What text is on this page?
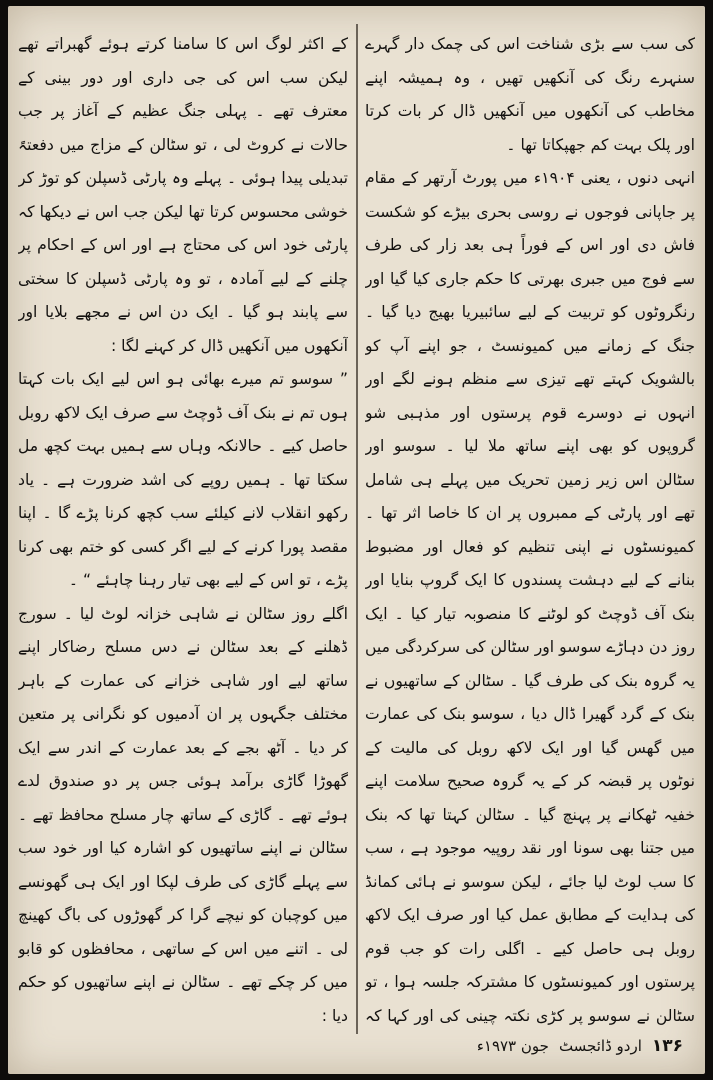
کی سب سے بڑی شناخت اس کی چمک دار گہرے سنہرے رنگ کی آنکھیں تھیں ، وہ ہمیشہ اپنے مخاطب کی آنکھوں میں آنکھیں ڈال کر بات کرتا اور پلک بہت کم جھپکاتا تھا ۔

انہی دنوں ، یعنی ۱۹۰۴ء میں پورٹ آرتھر کے مقام پر جاپانی فوجوں نے روسی بحری بیڑے کو شکست فاش دی اور اس کے فوراً ہی بعد زار کی طرف سے فوج میں جبری بھرتی کا حکم جاری کیا گیا اور رنگروٹوں کو تربیت کے لیے سائبیریا بھیج دیا گیا ۔ جنگ کے زمانے میں کمیونسٹ ، جو اپنے آپ کو بالشویک کہتے تھے تیزی سے منظم ہونے لگے اور انہوں نے دوسرے قوم پرستوں اور مذہبی شو گروپوں کو بھی اپنے ساتھ ملا لیا ۔ سوسو اور سٹالن اس زیر زمین تحریک میں پہلے ہی شامل تھے اور پارٹی کے ممبروں پر ان کا خاصا اثر تھا ۔ کمیونسٹوں نے اپنی تنظیم کو فعال اور مضبوط بنانے کے لیے دہشت پسندوں کا ایک گروپ بنایا اور بنک آف ڈوچٹ کو لوٹنے کا منصوبہ تیار کیا ۔ ایک روز دن دہاڑے سوسو اور سٹالن کی سرکردگی میں یہ گروہ بنک کی طرف گیا ۔ سٹالن کے ساتھیوں نے بنک کے گرد گھیرا ڈال دیا ، سوسو بنک کی عمارت میں گھس گیا اور ایک لاکھ روبل کی مالیت کے نوٹوں پر قبضہ کر کے یہ گروہ صحیح سلامت اپنے خفیہ ٹھکانے پر پہنچ گیا ۔ سٹالن کہتا تھا کہ بنک میں جتنا بھی سونا اور نقد روپیہ موجود ہے ، سب کا سب لوٹ لیا جائے ، لیکن سوسو نے ہائی کمانڈ کی ہدایت کے مطابق عمل کیا اور صرف ایک لاکھ روبل ہی حاصل کیے ۔ اگلی رات کو جب قوم پرستوں اور کمیونسٹوں کا مشترکہ جلسہ ہوا ، تو سٹالن نے سوسو پر کڑی نکتہ چینی کی اور کہا کہ

کے اکثر لوگ اس کا سامنا کرتے ہوئے گھبراتے تھے لیکن سب اس کی جی داری اور دور بینی کے معترف تھے ۔ پہلی جنگ عظیم کے آغاز پر جب حالات نے کروٹ لی ، تو سٹالن کے مزاج میں دفعتہً تبدیلی پیدا ہوئی ۔ پہلے وہ پارٹی ڈسپلن کو توڑ کر خوشی محسوس کرتا تھا لیکن جب اس نے دیکھا کہ پارٹی خود اس کی محتاج ہے اور اس کے احکام پر چلنے کے لیے آمادہ ، تو وہ پارٹی ڈسپلن کا سختی سے پابند ہو گیا ۔ ایک دن اس نے مجھے بلایا اور آنکھوں میں آنکھیں ڈال کر کہنے لگا :

” سوسو تم میرے بھائی ہو اس لیے ایک بات کہتا ہوں تم نے بنک آف ڈوچٹ سے صرف ایک لاکھ روبل حاصل کیے ۔ حالانکہ وہاں سے ہمیں بہت کچھ مل سکتا تھا ۔ ہمیں روپے کی اشد ضرورت ہے ۔ یاد رکھو انقلاب لانے کیلئے سب کچھ کرنا پڑے گا ۔ اپنا مقصد پورا کرنے کے لیے اگر کسی کو ختم بھی کرنا پڑے ، تو اس کے لیے بھی تیار رہنا چاہئے “ ۔

اگلے روز سٹالن نے شاہی خزانہ لوٹ لیا ۔ سورج ڈھلنے کے بعد سٹالن نے دس مسلح رضاکار اپنے ساتھ لیے اور شاہی خزانے کی عمارت کے باہر مختلف جگہوں پر ان آدمیوں کو نگرانی پر متعین کر دیا ۔ آٹھ بجے کے بعد عمارت کے اندر سے ایک گھوڑا گاڑی برآمد ہوئی جس پر دو صندوق لدے ہوئے تھے ۔ گاڑی کے ساتھ چار مسلح محافظ تھے ۔ سٹالن نے اپنے ساتھیوں کو اشارہ کیا اور خود سب سے پہلے گاڑی کی طرف لپکا اور ایک ہی گھونسے میں کوچبان کو نیچے گرا کر گھوڑوں کی باگ کھینچ لی ۔ اتنے میں اس کے ساتھی ، محافظوں کو قابو میں کر چکے تھے ۔ سٹالن نے اپنے ساتھیوں کو حکم دیا :

۱۳۶
اردو ڈائجسٹ
جون ۱۹۷۳ء
